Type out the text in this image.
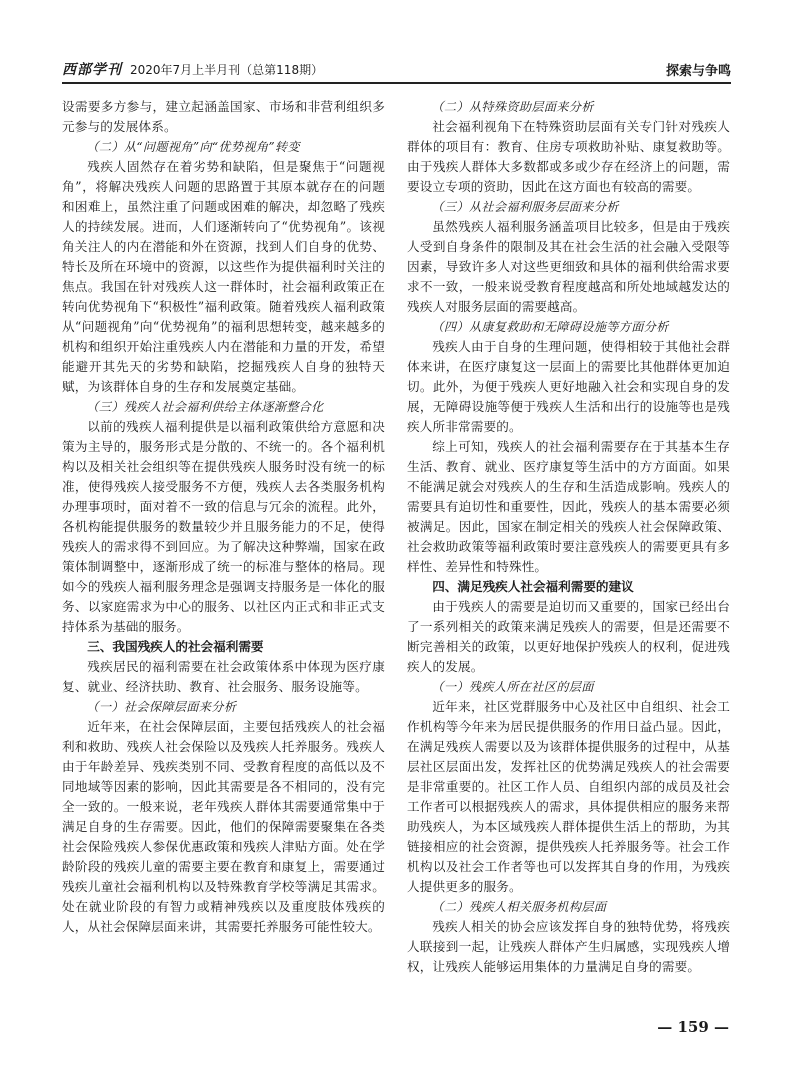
西部学刊 2020年7月上半月刊（总第118期）	探索与争鸣

设需要多方参与，建立起涵盖国家、市场和非营利组织多元参与的发展体系。

（二）从“问题视角”向“优势视角”转变

残疾人固然存在着劣势和缺陷，但是聚焦于“问题视角”，将解决残疾人问题的思路置于其原本就存在的问题和困难上，虽然注重了问题或困难的解决，却忽略了残疾人的持续发展。进而，人们逐渐转向了“优势视角”。该视角关注人的内在潜能和外在资源，找到人们自身的优势、特长及所在环境中的资源，以这些作为提供福利时关注的焦点。我国在针对残疾人这一群体时，社会福利政策正在转向优势视角下“积极性”福利政策。随着残疾人福利政策从“问题视角”向“优势视角”的福利思想转变，越来越多的机构和组织开始注重残疾人内在潜能和力量的开发，希望能避开其先天的劣势和缺陷，挖掘残疾人自身的独特天赋，为该群体自身的生存和发展奠定基础。

（三）残疾人社会福利供给主体逐渐整合化

以前的残疾人福利提供是以福利政策供给方意愿和决策为主导的，服务形式是分散的、不统一的。各个福利机构以及相关社会组织等在提供残疾人服务时没有统一的标准，使得残疾人接受服务不方便，残疾人去各类服务机构办理事项时，面对着不一致的信息与冗余的流程。此外，各机构能提供服务的数量较少并且服务能力的不足，使得残疾人的需求得不到回应。为了解决这种弊端，国家在政策体制调整中，逐渐形成了统一的标准与整体的格局。现如今的残疾人福利服务理念是强调支持服务是一体化的服务、以家庭需求为中心的服务、以社区内正式和非正式支持体系为基础的服务。

三、我国残疾人的社会福利需要

残疾居民的福利需要在社会政策体系中体现为医疗康复、就业、经济扶助、教育、社会服务、服务设施等。

（一）社会保障层面来分析

近年来，在社会保障层面，主要包括残疾人的社会福利和救助、残疾人社会保险以及残疾人托养服务。残疾人由于年龄差异、残疾类别不同、受教育程度的高低以及不同地域等因素的影响，因此其需要是各不相同的，没有完全一致的。一般来说，老年残疾人群体其需要通常集中于满足自身的生存需要。因此，他们的保障需要聚集在各类社会保险残疾人参保优惠政策和残疾人津贴方面。处在学龄阶段的残疾儿童的需要主要在教育和康复上，需要通过残疾儿童社会福利机构以及特殊教育学校等满足其需求。处在就业阶段的有智力或精神残疾以及重度肢体残疾的人，从社会保障层面来讲，其需要托养服务可能性较大。

（二）从特殊资助层面来分析

社会福利视角下在特殊资助层面有关专门针对残疾人群体的项目有：教育、住房专项救助补贴、康复救助等。由于残疾人群体大多数都或多或少存在经济上的问题，需要设立专项的资助，因此在这方面也有较高的需要。

（三）从社会福利服务层面来分析

虽然残疾人福利服务涵盖项目比较多，但是由于残疾人受到自身条件的限制及其在社会生活的社会融入受限等因素，导致许多人对这些更细致和具体的福利供给需求要求不一致，一般来说受教育程度越高和所处地域越发达的残疾人对服务层面的需要越高。

（四）从康复救助和无障碍设施等方面分析

残疾人由于自身的生理问题，使得相较于其他社会群体来讲，在医疗康复这一层面上的需要比其他群体更加迫切。此外，为便于残疾人更好地融入社会和实现自身的发展，无障碍设施等便于残疾人生活和出行的设施等也是残疾人所非常需要的。

综上可知，残疾人的社会福利需要存在于其基本生存生活、教育、就业、医疗康复等生活中的方方面面。如果不能满足就会对残疾人的生存和生活造成影响。残疾人的需要具有迫切性和重要性，因此，残疾人的基本需要必须被满足。因此，国家在制定相关的残疾人社会保障政策、社会救助政策等福利政策时要注意残疾人的需要更具有多样性、差异性和特殊性。

四、满足残疾人社会福利需要的建议

由于残疾人的需要是迫切而又重要的，国家已经出台了一系列相关的政策来满足残疾人的需要，但是还需要不断完善相关的政策，以更好地保护残疾人的权利，促进残疾人的发展。

（一）残疾人所在社区的层面

近年来，社区党群服务中心及社区中自组织、社会工作机构等今年来为居民提供服务的作用日益凸显。因此，在满足残疾人需要以及为该群体提供服务的过程中，从基层社区层面出发，发挥社区的优势满足残疾人的社会需要是非常重要的。社区工作人员、自组织内部的成员及社会工作者可以根据残疾人的需求，具体提供相应的服务来帮助残疾人，为本区域残疾人群体提供生活上的帮助，为其链接相应的社会资源，提供残疾人托养服务等。社会工作机构以及社会工作者等也可以发挥其自身的作用，为残疾人提供更多的服务。

（二）残疾人相关服务机构层面

残疾人相关的协会应该发挥自身的独特优势，将残疾人联接到一起，让残疾人群体产生归属感，实现残疾人增权，让残疾人能够运用集体的力量满足自身的需要。

— 159 —
